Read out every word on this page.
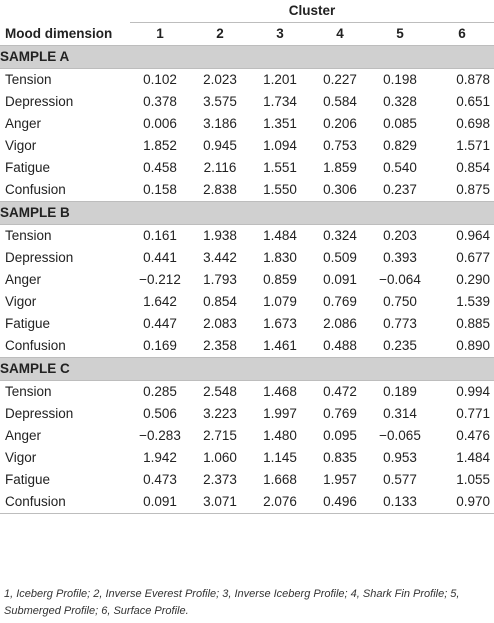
	Cluster					
Mood dimension	1	2	3	4	5	6
SAMPLE A						
Tension	0.102	2.023	1.201	0.227	0.198	0.878
Depression	0.378	3.575	1.734	0.584	0.328	0.651
Anger	0.006	3.186	1.351	0.206	0.085	0.698
Vigor	1.852	0.945	1.094	0.753	0.829	1.571
Fatigue	0.458	2.116	1.551	1.859	0.540	0.854
Confusion	0.158	2.838	1.550	0.306	0.237	0.875
SAMPLE B						
Tension	0.161	1.938	1.484	0.324	0.203	0.964
Depression	0.441	3.442	1.830	0.509	0.393	0.677
Anger	−0.212	1.793	0.859	0.091	−0.064	0.290
Vigor	1.642	0.854	1.079	0.769	0.750	1.539
Fatigue	0.447	2.083	1.673	2.086	0.773	0.885
Confusion	0.169	2.358	1.461	0.488	0.235	0.890
SAMPLE C						
Tension	0.285	2.548	1.468	0.472	0.189	0.994
Depression	0.506	3.223	1.997	0.769	0.314	0.771
Anger	−0.283	2.715	1.480	0.095	−0.065	0.476
Vigor	1.942	1.060	1.145	0.835	0.953	1.484
Fatigue	0.473	2.373	1.668	1.957	0.577	1.055
Confusion	0.091	3.071	2.076	0.496	0.133	0.970
1, Iceberg Profile; 2, Inverse Everest Profile; 3, Inverse Iceberg Profile; 4, Shark Fin Profile; 5, Submerged Profile; 6, Surface Profile.
